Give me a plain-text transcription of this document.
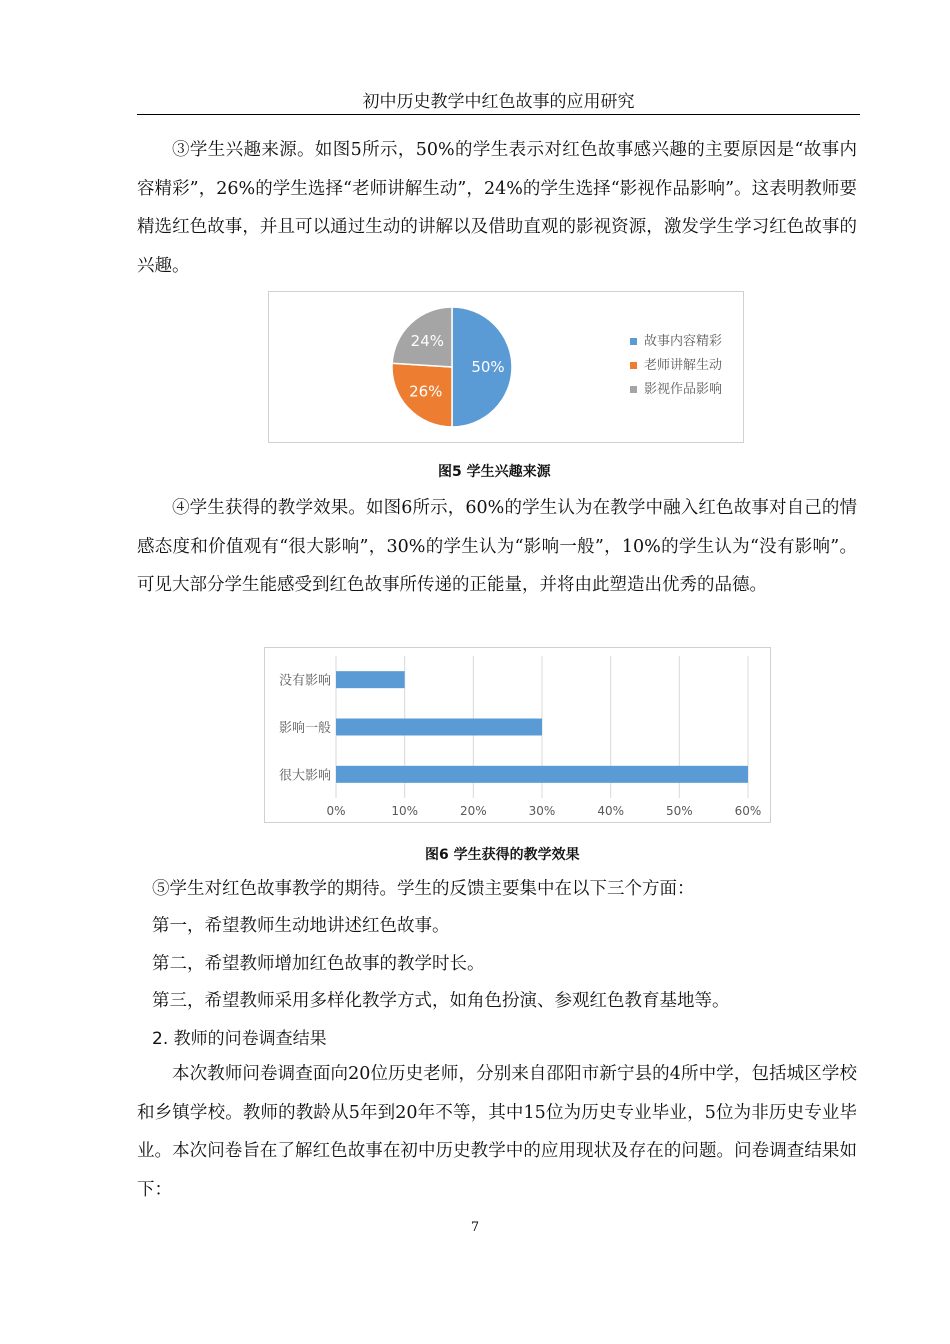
初中历史教学中红色故事的应用研究

③学生兴趣来源。如图5所示，50%的学生表示对红色故事感兴趣的主要原因是“故事内容精彩”，26%的学生选择“老师讲解生动”，24%的学生选择“影视作品影响”。这表明教师要精选红色故事，并且可以通过生动的讲解以及借助直观的影视资源，激发学生学习红色故事的兴趣。

50%
26%
24%	故事内容精彩
老师讲解生动
影视作品影响
图5 学生兴趣来源

④学生获得的教学效果。如图6所示，60%的学生认为在教学中融入红色故事对自己的情感态度和价值观有“很大影响”，30%的学生认为“影响一般”，10%的学生认为“没有影响”。可见大部分学生能感受到红色故事所传递的正能量，并将由此塑造出优秀的品德。

0%	10%	20%	30%	40%	50%	60%
很大影响
影响一般
没有影响
图6 学生获得的教学效果
⑤学生对红色故事教学的期待。学生的反馈主要集中在以下三个方面：
第一，希望教师生动地讲述红色故事。
第二，希望教师增加红色故事的教学时长。
第三，希望教师采用多样化教学方式，如角色扮演、参观红色教育基地等。
2. 教师的问卷调查结果

本次教师问卷调查面向20位历史老师，分别来自邵阳市新宁县的4所中学，包括城区学校和乡镇学校。教师的教龄从5年到20年不等，其中15位为历史专业毕业，5位为非历史专业毕业。本次问卷旨在了解红色故事在初中历史教学中的应用现状及存在的问题。问卷调查结果如下：

7
